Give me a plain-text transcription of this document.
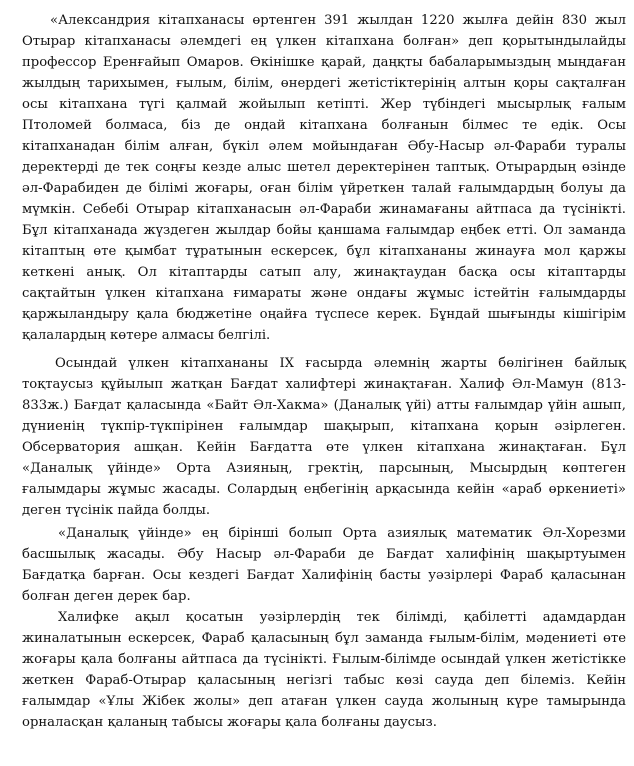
«Александрия кітапханасы өртенген 391 жылдан 1220 жылға дейін 830 жыл Отырар кітапханасы әлемдегі ең үлкен кітапхана болған» деп қорытындылайды профессор Еренғайып Омаров. Өкінішке қарай, даңқты бабаларымыздың мыңдаған жылдың тарихымен, ғылым, білім, өнердегі жетістіктерінің алтын қоры сақталған осы кітапхана түгі қалмай жойылып кетіпті. Жер түбіндегі мысырлық ғалым Птоломей болмаса, біз де ондай кітапхана болғанын білмес те едік. Осы кітапханадан білім алған, бүкіл әлем мойындаған Әбу-Насыр әл-Фараби туралы деректерді де тек соңғы кезде алыс шетел деректерінен таптық. Отырардың өзінде әл-Фарабиден де білімі жоғары, оған білім үйреткен талай ғалымдардың болуы да мүмкін. Себебі Отырар кітапханасын әл-Фараби жинамағаны айтпаса да түсінікті. Бұл кітапханада жүздеген жылдар бойы қаншама ғалымдар еңбек етті. Ол заманда кітаптың өте қымбат тұратынын ескерсек, бұл кітапхананы жинауға мол қаржы кеткені анық. Ол кітаптарды сатып алу, жинақтаудан басқа осы кітаптарды сақтайтын үлкен кітапхана ғимараты және ондағы жұмыс істейтін ғалымдарды қаржыландыру қала бюджетіне оңайға түспесе керек. Бұндай шығынды кішігірім қалалардың көтере алмасы белгілі.

Осындай үлкен кітапхананы IX ғасырда әлемнің жарты бөлігінен байлық тоқтаусыз құйылып жатқан Бағдат халифтері жинақтаған. Халиф Әл-Мамун (813-833ж.) Бағдат қаласында «Байт Әл-Хакма» (Даналық үйі) атты ғалымдар үйін ашып, дүниенің түкпір-түкпірінен ғалымдар шақырып, кітапхана қорын әзірлеген. Обсерватория ашқан. Кейін Бағдатта өте үлкен кітапхана жинақтаған. Бұл «Даналық үйінде» Орта Азияның, гректің, парсының, Мысырдың көптеген ғалымдары жұмыс жасады. Солардың еңбегінің арқасында кейін «араб өркениеті» деген түсінік пайда болды.

«Даналық үйінде» ең бірінші болып Орта азиялық математик Әл-Хорезми басшылық жасады. Әбу Насыр әл-Фараби де Бағдат халифінің шақыртуымен Бағдатқа барған. Осы кездегі Бағдат Халифінің басты уәзірлері Фараб қаласынан болған деген дерек бар.

Халифке ақыл қосатын уәзірлердің тек білімді, қабілетті адамдардан жиналатынын ескерсек, Фараб қаласының бұл заманда ғылым-білім, мәдениеті өте жоғары қала болғаны айтпаса да түсінікті. Ғылым-білімде осындай үлкен жетістікке жеткен Фараб-Отырар қаласының негізгі табыс көзі сауда деп білеміз. Кейін ғалымдар «Ұлы Жібек жолы» деп атаған үлкен сауда жолының күре тамырында орналасқан қаланың табысы жоғары қала болғаны даусыз.
